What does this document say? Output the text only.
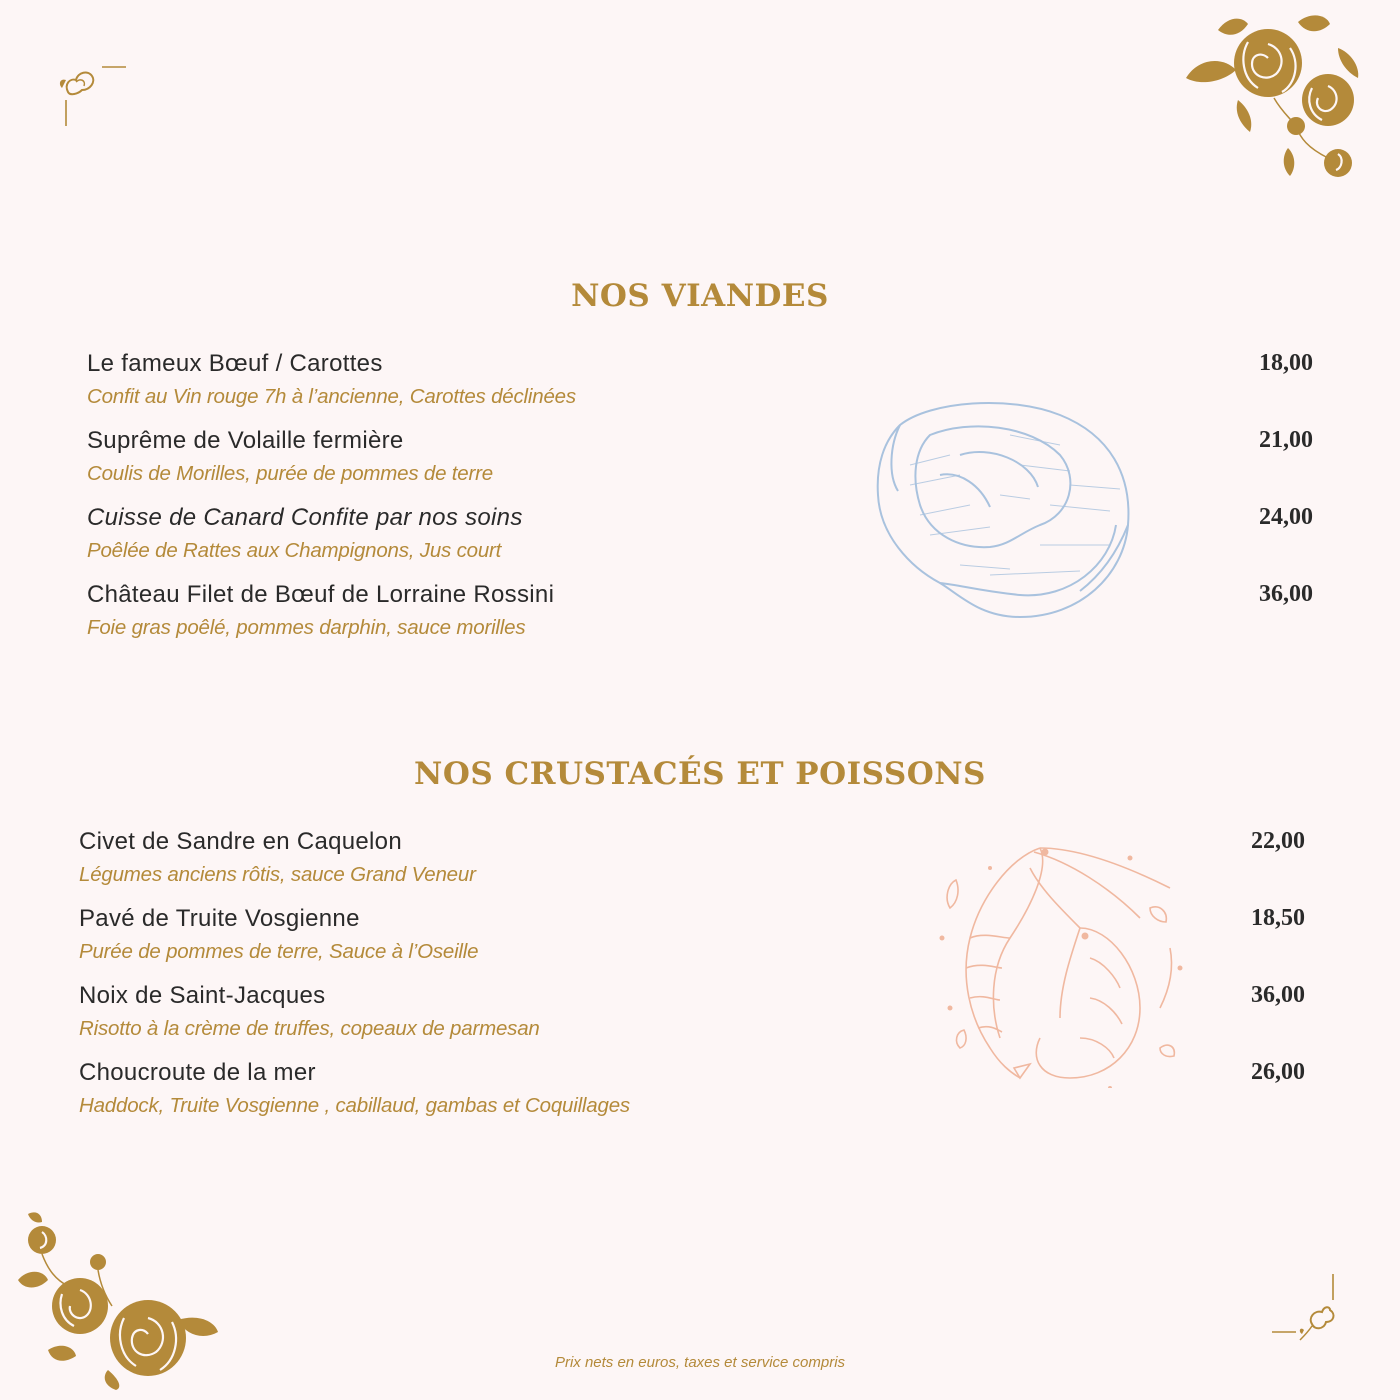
NOS VIANDES
Le fameux Bœuf / Carottes
Confit au Vin rouge 7h à l’ancienne, Carottes déclinées
18,00
Suprême de Volaille fermière
Coulis de Morilles, purée de pommes de terre
21,00
Cuisse de Canard Confite par nos soins
Poêlée de Rattes aux Champignons, Jus court
24,00
Château Filet de Bœuf de Lorraine Rossini
Foie gras poêlé, pommes darphin, sauce morilles
36,00
NOS CRUSTACÉS ET POISSONS
Civet de Sandre en Caquelon
Légumes anciens rôtis, sauce Grand Veneur
22,00
Pavé de Truite Vosgienne
Purée de pommes de terre, Sauce à l’Oseille
18,50
Noix de Saint-Jacques
Risotto à la crème de truffes, copeaux de parmesan
36,00
Choucroute de la mer
Haddock, Truite Vosgienne , cabillaud, gambas et Coquillages
26,00
Prix nets en euros, taxes et service compris
